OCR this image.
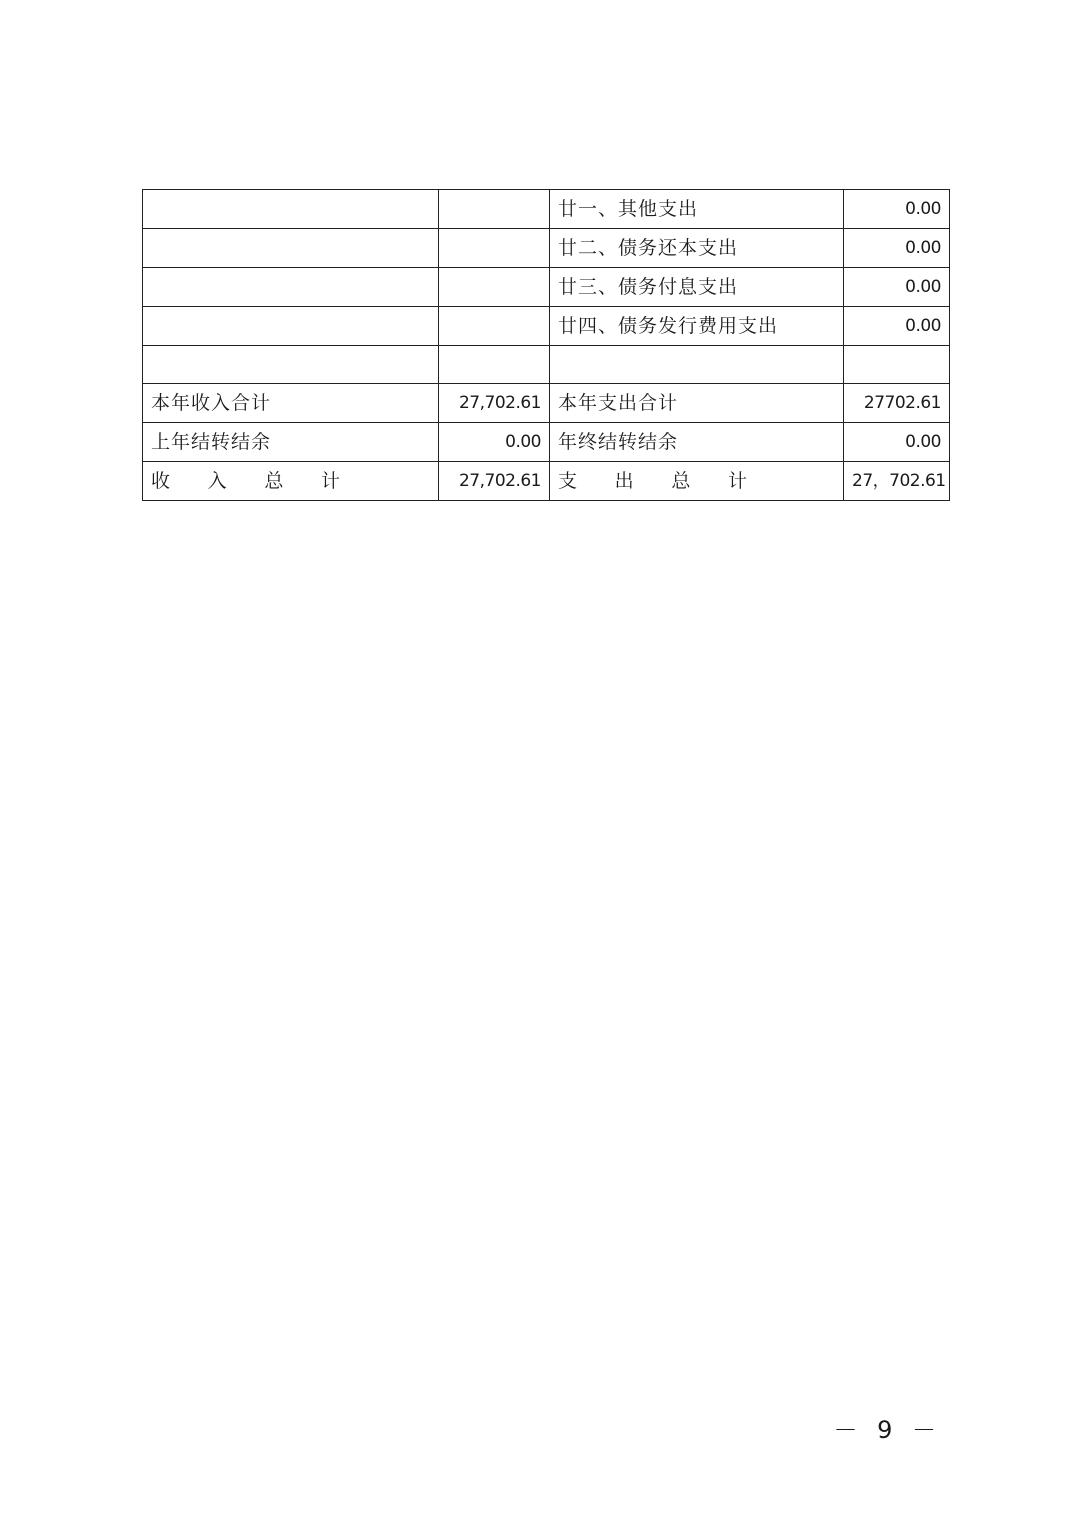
		廿一、其他支出	0.00
		廿二、债务还本支出	0.00
		廿三、债务付息支出	0.00
		廿四、债务发行费用支出	0.00

本年收入合计	27,702.61	本年支出合计	27702.61
上年结转结余	0.00	年终结转结余	0.00

收 入 总 计	27,702.61	支 出 总 计	27，702.61
－ 9 －
